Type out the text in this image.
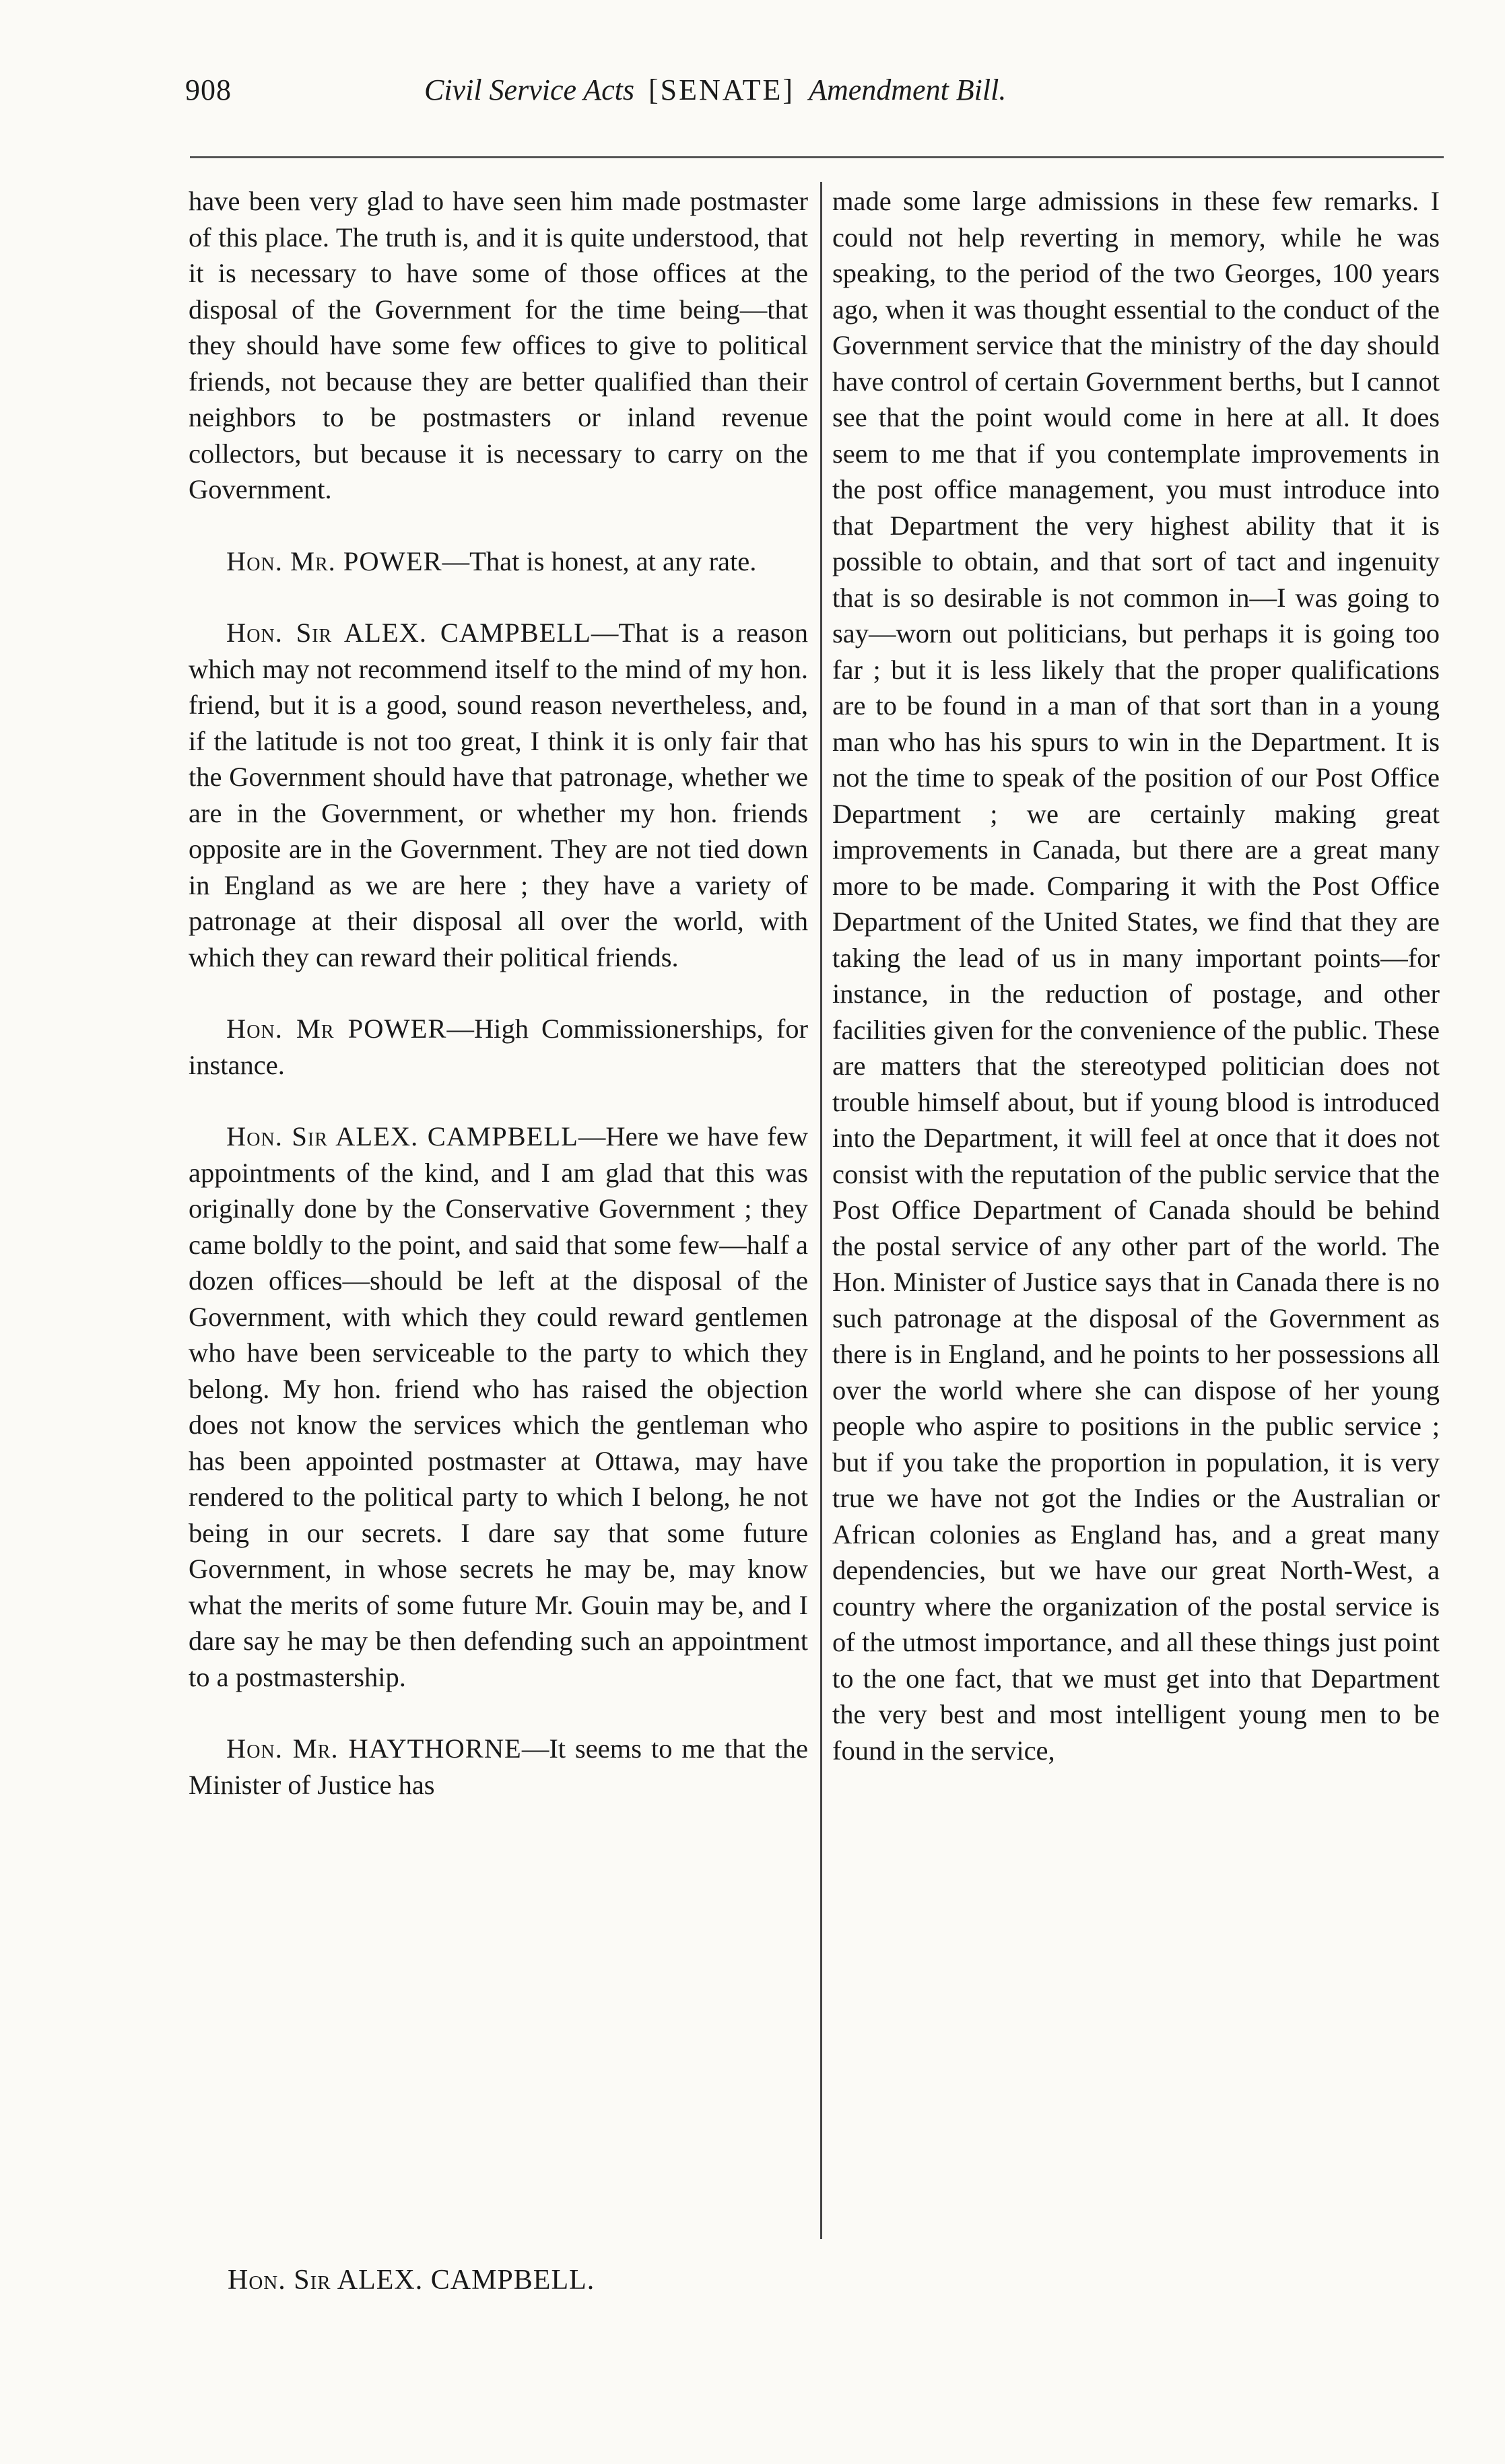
908	Civil Service Acts [SENATE] Amendment Bill.

have been very glad to have seen him made postmaster of this place. The truth is, and it is quite understood, that it is necessary to have some of those offices at the disposal of the Government for the time being—that they should have some few offices to give to political friends, not because they are better qualified than their neighbors to be postmasters or inland revenue collectors, but because it is necessary to carry on the Government.

Hon. Mr. POWER—That is honest, at any rate.

Hon. Sir ALEX. CAMPBELL—That is a reason which may not recommend itself to the mind of my hon. friend, but it is a good, sound reason nevertheless, and, if the latitude is not too great, I think it is only fair that the Government should have that patronage, whether we are in the Government, or whether my hon. friends opposite are in the Government. They are not tied down in England as we are here ; they have a variety of patronage at their disposal all over the world, with which they can reward their political friends.

Hon. Mr POWER—High Commissionerships, for instance.

Hon. Sir ALEX. CAMPBELL—Here we have few appointments of the kind, and I am glad that this was originally done by the Conservative Government ; they came boldly to the point, and said that some few—half a dozen offices—should be left at the disposal of the Government, with which they could reward gentlemen who have been serviceable to the party to which they belong. My hon. friend who has raised the objection does not know the services which the gentleman who has been appointed postmaster at Ottawa, may have rendered to the political party to which I belong, he not being in our secrets. I dare say that some future Government, in whose secrets he may be, may know what the merits of some future Mr. Gouin may be, and I dare say he may be then defending such an appointment to a postmastership.

Hon. Mr. HAYTHORNE—It seems to me that the Minister of Justice has

made some large admissions in these few remarks. I could not help reverting in memory, while he was speaking, to the period of the two Georges, 100 years ago, when it was thought essential to the conduct of the Government service that the ministry of the day should have control of certain Government berths, but I cannot see that the point would come in here at all. It does seem to me that if you contemplate improvements in the post office management, you must introduce into that Department the very highest ability that it is possible to obtain, and that sort of tact and ingenuity that is so desirable is not common in—I was going to say—worn out politicians, but perhaps it is going too far ; but it is less likely that the proper qualifications are to be found in a man of that sort than in a young man who has his spurs to win in the Department. It is not the time to speak of the position of our Post Office Department ; we are certainly making great improvements in Canada, but there are a great many more to be made. Comparing it with the Post Office Department of the United States, we find that they are taking the lead of us in many important points—for instance, in the reduction of postage, and other facilities given for the convenience of the public. These are matters that the stereotyped politician does not trouble himself about, but if young blood is introduced into the Department, it will feel at once that it does not consist with the reputation of the public service that the Post Office Department of Canada should be behind the postal service of any other part of the world. The Hon. Minister of Justice says that in Canada there is no such patronage at the disposal of the Government as there is in England, and he points to her possessions all over the world where she can dispose of her young people who aspire to positions in the public service ; but if you take the proportion in population, it is very true we have not got the Indies or the Australian or African colonies as England has, and a great many dependencies, but we have our great North-West, a country where the organization of the postal service is of the utmost importance, and all these things just point to the one fact, that we must get into that Department the very best and most intelligent young men to be found in the service,

Hon. Sir ALEX. CAMPBELL.
